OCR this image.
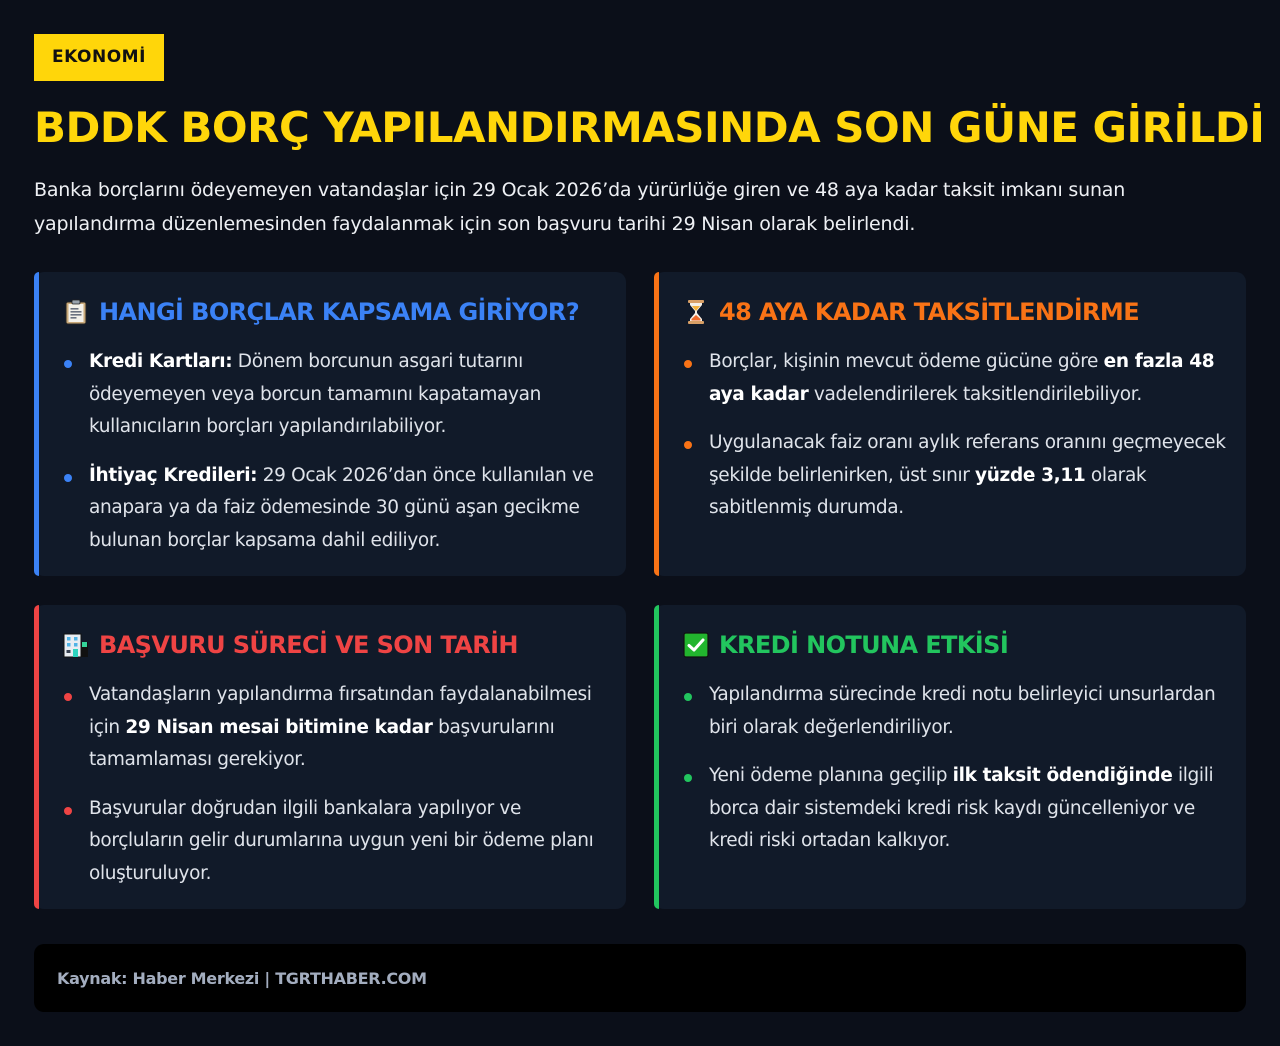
EKONOMİ
BDDK BORÇ YAPILANDIRMASINDA SON GÜNE GİRİLDİ

Banka borçlarını ödeyemeyen vatandaşlar için 29 Ocak 2026’da yürürlüğe giren ve 48 aya kadar taksit imkanı sunan yapılandırma düzenlemesinden faydalanmak için son başvuru tarihi 29 Nisan olarak belirlendi.

HANGİ BORÇLAR KAPSAMA GİRİYOR?
Kredi Kartları: Dönem borcunun asgari tutarını ödeyemeyen veya borcun tamamını kapatamayan kullanıcıların borçları yapılandırılabiliyor.
İhtiyaç Kredileri: 29 Ocak 2026’dan önce kullanılan ve anapara ya da faiz ödemesinde 30 günü aşan gecikme bulunan borçlar kapsama dahil ediliyor.
48 AYA KADAR TAKSİTLENDİRME
Borçlar, kişinin mevcut ödeme gücüne göre en fazla 48 aya kadar vadelendirilerek taksitlendirilebiliyor.
Uygulanacak faiz oranı aylık referans oranını geçmeyecek şekilde belirlenirken, üst sınır yüzde 3,11 olarak sabitlenmiş durumda.
BAŞVURU SÜRECİ VE SON TARİH
Vatandaşların yapılandırma fırsatından faydalanabilmesi için 29 Nisan mesai bitimine kadar başvurularını tamamlaması gerekiyor.
Başvurular doğrudan ilgili bankalara yapılıyor ve borçluların gelir durumlarına uygun yeni bir ödeme planı oluşturuluyor.
KREDİ NOTUNA ETKİSİ
Yapılandırma sürecinde kredi notu belirleyici unsurlardan biri olarak değerlendiriliyor.
Yeni ödeme planına geçilip ilk taksit ödendiğinde ilgili borca dair sistemdeki kredi risk kaydı güncelleniyor ve kredi riski ortadan kalkıyor.
Kaynak: Haber Merkezi | TGRTHABER.COM
